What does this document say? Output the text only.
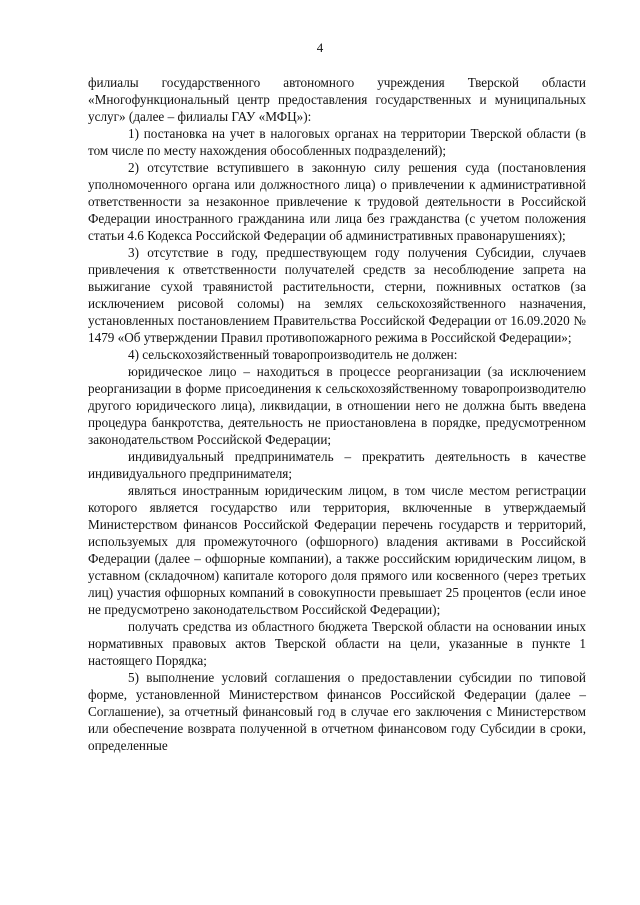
4

филиалы государственного автономного учреждения Тверской области «Многофункциональный центр предоставления государственных и муниципальных услуг» (далее – филиалы ГАУ «МФЦ»):

1) постановка на учет в налоговых органах на территории Тверской области (в том числе по месту нахождения обособленных подразделений);

2) отсутствие вступившего в законную силу решения суда (постановления уполномоченного органа или должностного лица) о привлечении к административной ответственности за незаконное привлечение к трудовой деятельности в Российской Федерации иностранного гражданина или лица без гражданства (с учетом положения статьи 4.6 Кодекса Российской Федерации об административных правонарушениях);

3) отсутствие в году, предшествующем году получения Субсидии, случаев привлечения к ответственности получателей средств за несоблюдение запрета на выжигание сухой травянистой растительности, стерни, пожнивных остатков (за исключением рисовой соломы) на землях сельскохозяйственного назначения, установленных постановлением Правительства Российской Федерации от 16.09.2020 № 1479 «Об утверждении Правил противопожарного режима в Российской Федерации»;

4) сельскохозяйственный товаропроизводитель не должен:

юридическое лицо – находиться в процессе реорганизации (за исключением реорганизации в форме присоединения к сельскохозяйственному товаропроизводителю другого юридического лица), ликвидации, в отношении него не должна быть введена процедура банкротства, деятельность не приостановлена в порядке, предусмотренном законодательством Российской Федерации;

индивидуальный предприниматель – прекратить деятельность в качестве индивидуального предпринимателя;

являться иностранным юридическим лицом, в том числе местом регистрации которого является государство или территория, включенные в утверждаемый Министерством финансов Российской Федерации перечень государств и территорий, используемых для промежуточного (офшорного) владения активами в Российской Федерации (далее – офшорные компании), а также российским юридическим лицом, в уставном (складочном) капитале которого доля прямого или косвенного (через третьих лиц) участия офшорных компаний в совокупности превышает 25 процентов (если иное не предусмотрено законодательством Российской Федерации);

получать средства из областного бюджета Тверской области на основании иных нормативных правовых актов Тверской области на цели, указанные в пункте 1 настоящего Порядка;

5) выполнение условий соглашения о предоставлении субсидии по типовой форме, установленной Министерством финансов Российской Федерации (далее – Соглашение), за отчетный финансовый год в случае его заключения с Министерством или обеспечение возврата полученной в отчетном финансовом году Субсидии в сроки, определенные
